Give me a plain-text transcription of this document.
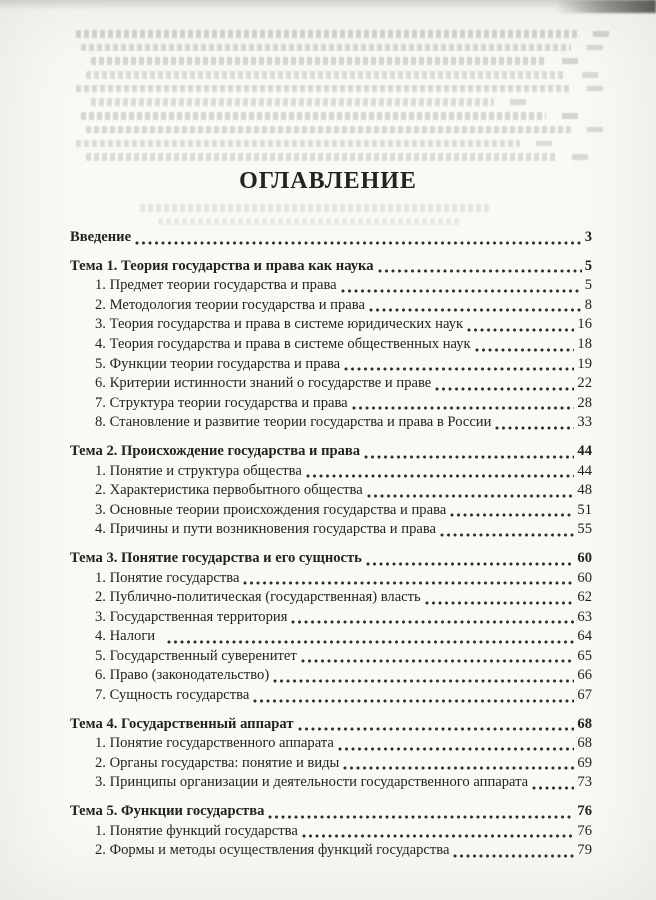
ОГЛАВЛЕНИЕ
Введение	3
Тема 1. Теория государства и права как наука	5
1. Предмет теории государства и права	5
2. Методология теории государства и права	8
3. Теория государства и права в системе юридических наук	16
4. Теория государства и права в системе общественных наук	18
5. Функции теории государства и права	19
6. Критерии истинности знаний о государстве и праве	22
7. Структура теории государства и права	28
8. Становление и развитие теории государства и права в России	33
Тема 2. Происхождение государства и права	44
1. Понятие и структура общества	44
2. Характеристика первобытного общества	48
3. Основные теории происхождения государства и права	51
4. Причины и пути возникновения государства и права	55
Тема 3. Понятие государства и его сущность	60
1. Понятие государства	60
2. Публично-политическая (государственная) власть	62
3. Государственная территория	63
4. Налоги	64
5. Государственный суверенитет	65
6. Право (законодательство)	66
7. Сущность государства	67
Тема 4. Государственный аппарат	68
1. Понятие государственного аппарата	68
2. Органы государства: понятие и виды	69
3. Принципы организации и деятельности государственного аппарата	73
Тема 5. Функции государства	76
1. Понятие функций государства	76
2. Формы и методы осуществления функций государства	79
